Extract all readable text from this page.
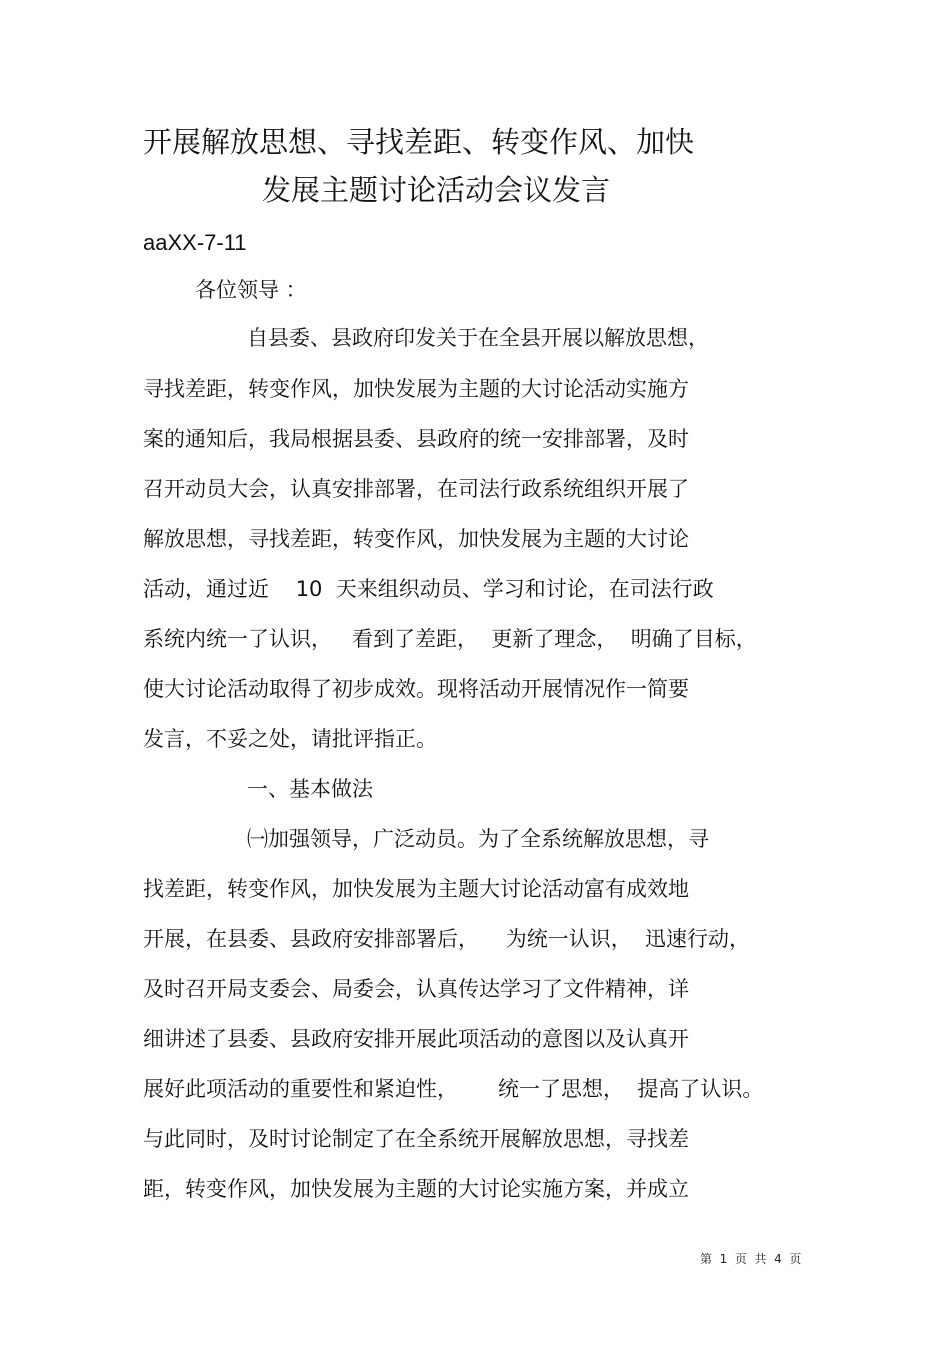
开展解放思想、寻找差距、转变作风、加快
发展主题讨论活动会议发言
aaXX-7-11
各位领导 ：
自县委、县政府印发关于在全县开展以解放思想，
寻找差距，转变作风，加快发展为主题的大讨论活动实施方
案的通知后，我局根据县委、县政府的统一安排部署，及时
召开动员大会，认真安排部署，在司法行政系统组织开展了
解放思想，寻找差距，转变作风，加快发展为主题的大讨论
活动，通过近    10  天来组织动员、学习和讨论，在司法行政
系统内统一了认识，   看到了差距，  更新了理念，  明确了目标，
使大讨论活动取得了初步成效。现将活动开展情况作一简要
发言，不妥之处，请批评指正。
一、基本做法
㈠加强领导，广泛动员。为了全系统解放思想，寻
找差距，转变作风，加快发展为主题大讨论活动富有成效地
开展，在县委、县政府安排部署后，    为统一认识，  迅速行动，
及时召开局支委会、局委会，认真传达学习了文件精神，详
细讲述了县委、县政府安排开展此项活动的意图以及认真开
展好此项活动的重要性和紧迫性，      统一了思想，  提高了认识。
与此同时，及时讨论制定了在全系统开展解放思想，寻找差
距，转变作风，加快发展为主题的大讨论实施方案，并成立
第  1  页  共  4  页
